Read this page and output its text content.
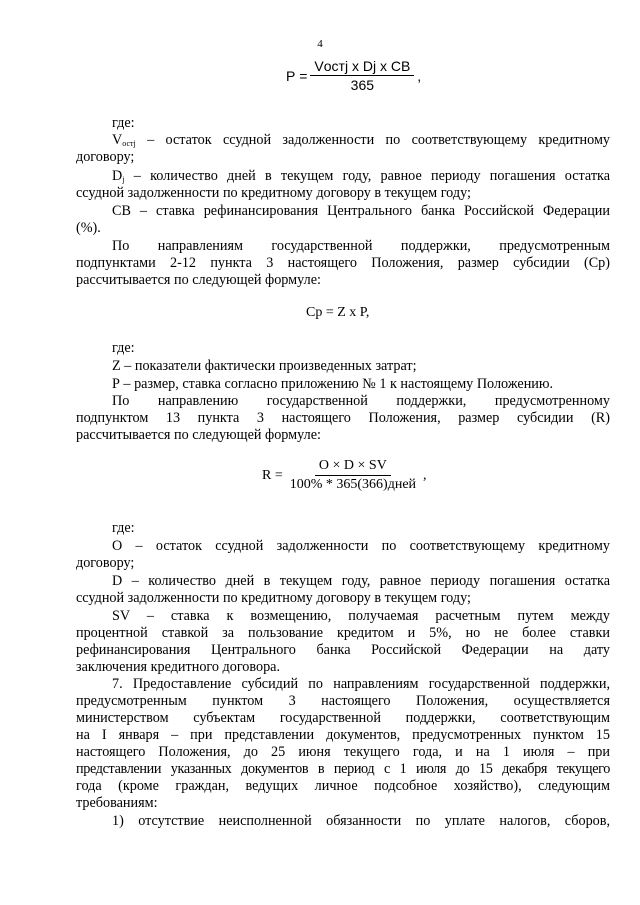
4
$Р = \frac{\text{Vостj х Dj х СВ}}{365}$ ,
где:
$V_{остj}$ – остаток ссудной задолженности по соответствующему кредитному
договору;
$D_j$ – количество дней в текущем году, равное периоду погашения остатка
ссудной задолженности по кредитному договору в текущем году;
СВ – ставка рефинансирования Центрального банка Российской Федерации
(%).
По направлениям государственной поддержки, предусмотренным
подпунктами 2-12 пункта 3 настоящего Положения, размер субсидии (Ср)
рассчитывается по следующей формуле:
Ср = Z х Р,
где:
Z – показатели фактически произведенных затрат;
Р – размер, ставка согласно приложению № 1 к настоящему Положению.
По направлению государственной поддержки, предусмотренному
подпунктом 13 пункта 3 настоящего Положения, размер субсидии (R)
рассчитывается по следующей формуле:
$R = \frac{O \times D \times SV}{\text{100\% * 365(366)дней}}$ ,
где:
О – остаток ссудной задолженности по соответствующему кредитному
договору;
D – количество дней в текущем году, равное периоду погашения остатка
ссудной задолженности по кредитному договору в текущем году;
SV – ставка к возмещению, получаемая расчетным путем между
процентной ставкой за пользование кредитом и 5%, но не более ставки
рефинансирования Центрального банка Российской Федерации на дату
заключения кредитного договора.
7. Предоставление субсидий по направлениям государственной поддержки,
предусмотренным пунктом 3 настоящего Положения, осуществляется
министерством субъектам государственной поддержки, соответствующим
на I января – при представлении документов, предусмотренных пунктом 15
настоящего Положения, до 25 июня текущего года, и на 1 июля – при
представлении указанных документов в период с 1 июля до 15 декабря текущего
года (кроме граждан, ведущих личное подсобное хозяйство), следующим
требованиям:
1) отсутствие неисполненной обязанности по уплате налогов, сборов,
